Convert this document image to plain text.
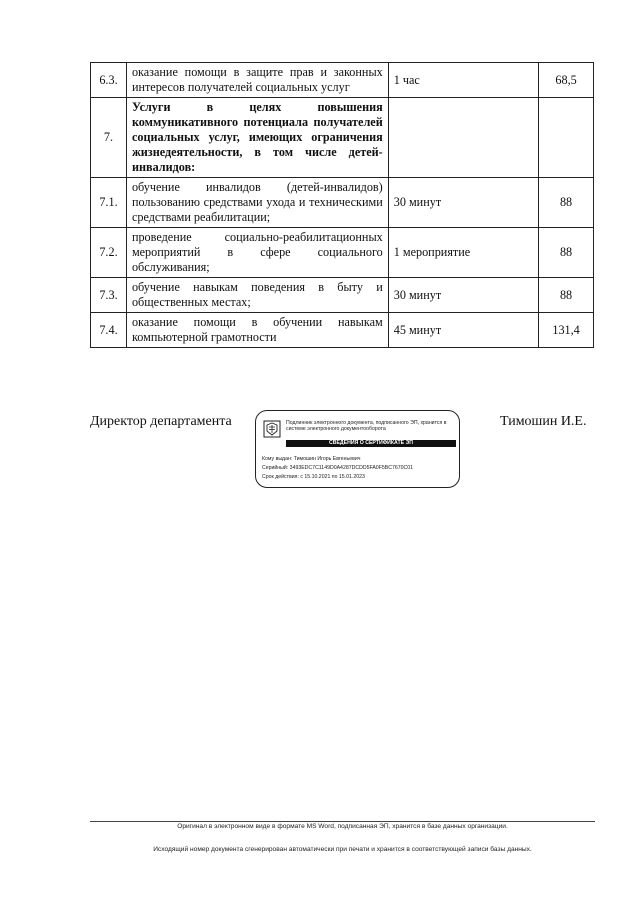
6.3.	оказание помощи в защите прав и законных интересов получателей социальных услуг	1 час	68,5
7.	Услуги в целях повышения коммуникативного потенциала получателей социальных услуг, имеющих ограничения жизнедеятельности, в том числе детей-инвалидов:		
7.1.	обучение инвалидов (детей-инвалидов) пользованию средствами ухода и техническими средствами реабилитации;	30 минут	88
7.2.	проведение социально-реабилитационных мероприятий в сфере социального обслуживания;	1 мероприятие	88
7.3.	обучение навыкам поведения в быту и общественных местах;	30 минут	88
7.4.	оказание помощи в обучении навыкам компьютерной грамотности	45 минут	131,4
Директор департамента	Подлинник электронного документа, подписанного ЭП, хранится в системе электронного документооборота
СВЕДЕНИЯ О СЕРТИФИКАТЕ ЭП
Кому выдан: Тимошин Игорь Евгеньевич
Серийный: 3493EDC7C1149D0A4287DCDD5FA0F5BC7670C01
Срок действия: с 15.10.2021 по 15.01.2023
Тимошин И.Е.
Оригинал в электронном виде в формате MS Word, подписанная ЭП, хранится в базе данных организации.
Исходящий номер документа сгенерирован автоматически при печати и хранится в соответствующей записи базы данных.
